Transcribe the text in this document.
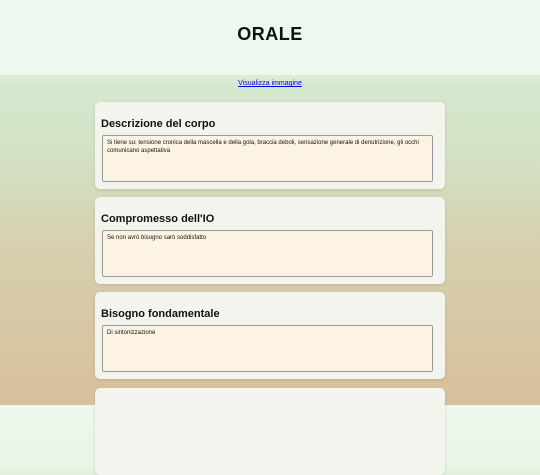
ORALE
Visualizza immagine
Descrizione del corpo
Si tiene su: tensione cronica della mascella e della gola, braccia deboli, sensazione generale di denutrizione, gli occhi comunicano aspettativa
Compromesso dell'IO
Se non avrò bisogno sarò soddisfatto
Bisogno fondamentale
Di sintonizzazione
